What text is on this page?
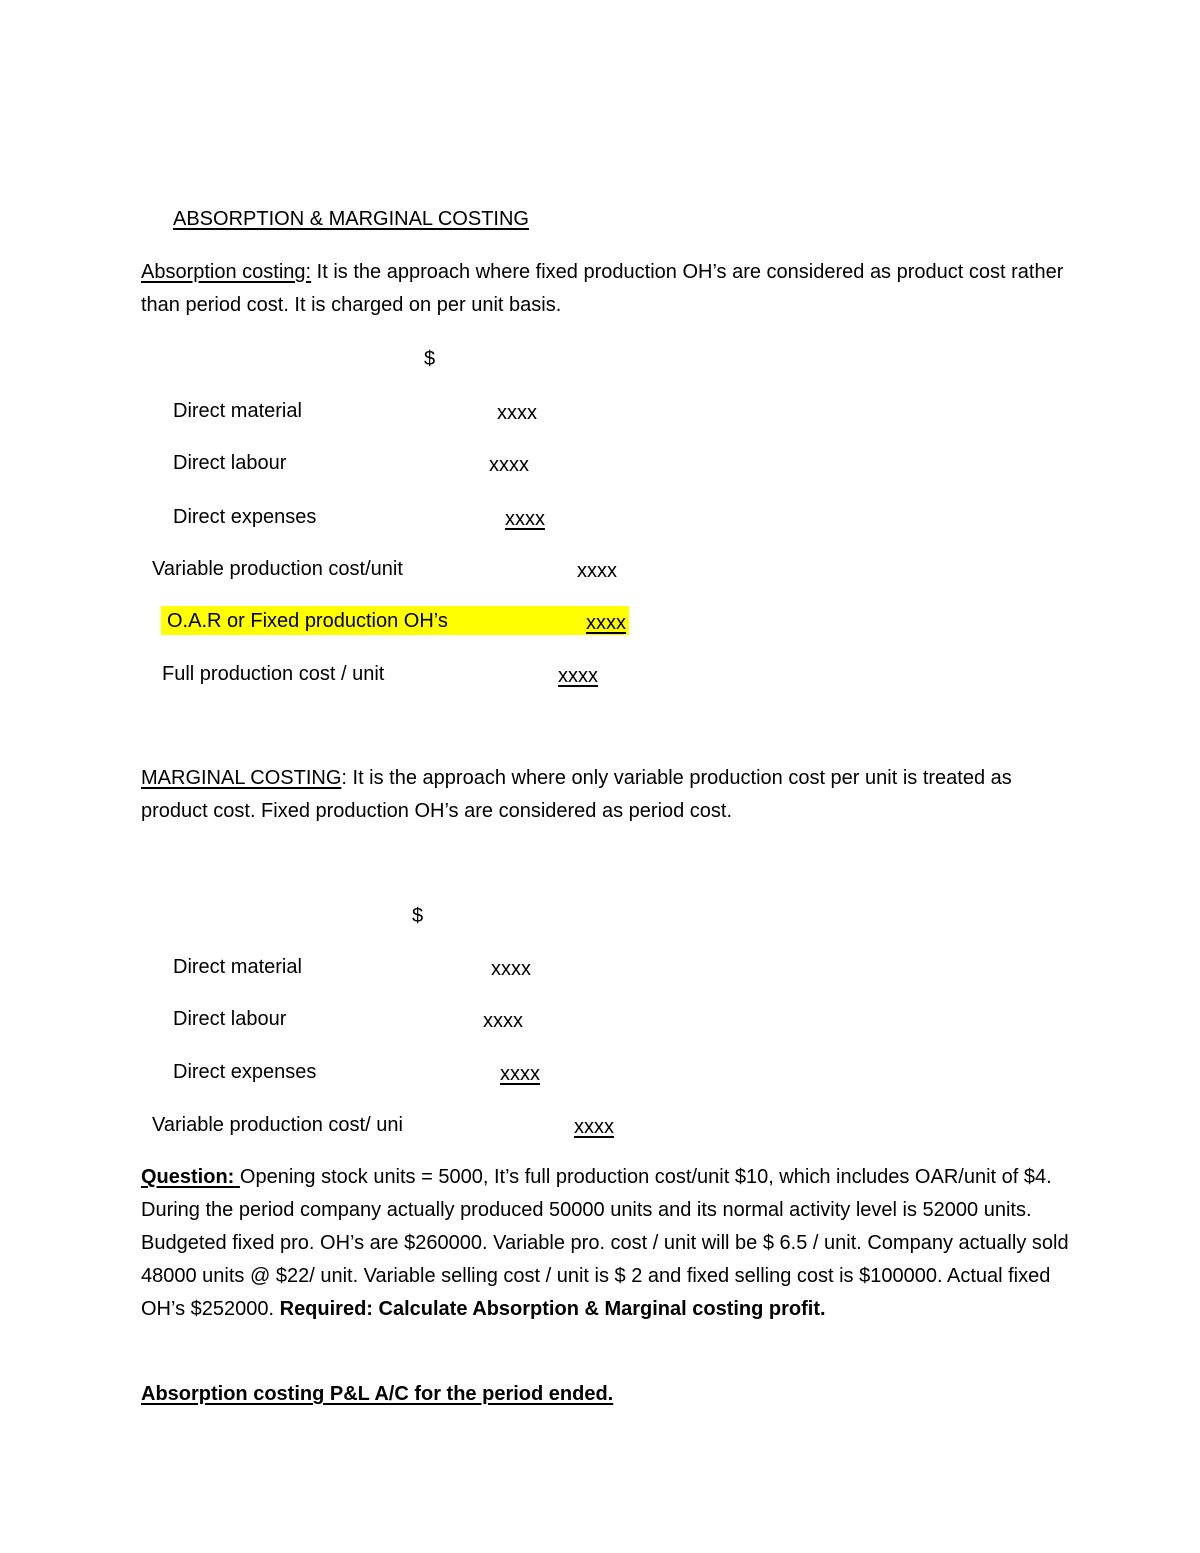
ABSORPTION & MARGINAL COSTING
Absorption costing: It is the approach where fixed production OH’s are considered as product cost rather than period cost. It is charged on per unit basis.
$
Direct material	xxxx
Direct labour	xxxx
Direct expenses	xxxx
Variable production cost/unit	xxxx
O.A.R or Fixed production OH’s	xxxx
Full production cost / unit	xxxx
MARGINAL COSTING: It is the approach where only variable production cost per unit is treated as product cost. Fixed production OH’s are considered as period cost.
$
Direct material	xxxx
Direct labour	xxxx
Direct expenses	xxxx
Variable production cost/ uni	xxxx
Question: Opening stock units = 5000, It’s full production cost/unit $10, which includes OAR/unit of $4. During the period company actually produced 50000 units and its normal activity level is 52000 units. Budgeted fixed pro. OH’s are $260000. Variable pro. cost / unit will be $ 6.5 / unit. Company actually sold 48000 units @ $22/ unit. Variable selling cost / unit is $ 2 and fixed selling cost is $100000. Actual fixed OH’s $252000. Required: Calculate Absorption & Marginal costing profit.
Absorption costing P&L A/C for the period ended.
